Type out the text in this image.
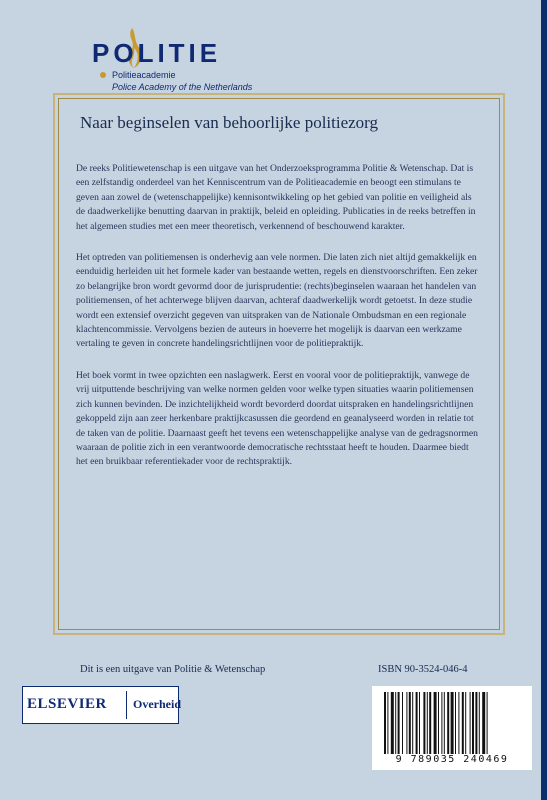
POLITIE
Politieacademie
Police Academy of the Netherlands
Naar beginselen van behoorlijke politiezorg

De reeks Politiewetenschap is een uitgave van het Onderzoeksprogramma Politie & Wetenschap. Dat is een zelfstandig onderdeel van het Kenniscentrum van de Politieacademie en beoogt een stimulans te geven aan zowel de (wetenschappelijke) kennisontwikkeling op het gebied van politie en veiligheid als de daadwerkelijke benutting daarvan in praktijk, beleid en opleiding. Publicaties in de reeks betreffen in het algemeen studies met een meer theoretisch, verkennend of beschouwend karakter.

Het optreden van politiemensen is onderhevig aan vele normen. Die laten zich niet altijd gemakkelijk en eenduidig herleiden uit het formele kader van bestaande wetten, regels en dienstvoorschriften. Een zeker zo belangrijke bron wordt gevormd door de jurisprudentie: (rechts)beginselen waaraan het handelen van politiemensen, of het achterwege blijven daarvan, achteraf daadwerkelijk wordt getoetst. In deze studie wordt een extensief overzicht gegeven van uitspraken van de Nationale Ombudsman en een regionale klachtencommissie. Vervolgens bezien de auteurs in hoeverre het mogelijk is daarvan een werkzame vertaling te geven in concrete handelingsrichtlijnen voor de politiepraktijk.

Het boek vormt in twee opzichten een naslagwerk. Eerst en vooral voor de politiepraktijk, vanwege de vrij uitputtende beschrijving van welke normen gelden voor welke typen situaties waarin politiemensen zich kunnen bevinden. De inzichtelijkheid wordt bevorderd doordat uitspraken en handelingsrichtlijnen gekoppeld zijn aan zeer herkenbare praktijkcasussen die geordend en geanalyseerd worden in relatie tot de taken van de politie. Daarnaast geeft het tevens een wetenschappelijke analyse van de gedragsnormen waaraan de politie zich in een verantwoorde democratische rechtsstaat heeft te houden. Daarmee biedt het een bruikbaar referentiekader voor de rechtspraktijk.

Dit is een uitgave van Politie & Wetenschap	ISBN 90-3524-046-4
ELSEVIER Overheid
9 789035 240469
